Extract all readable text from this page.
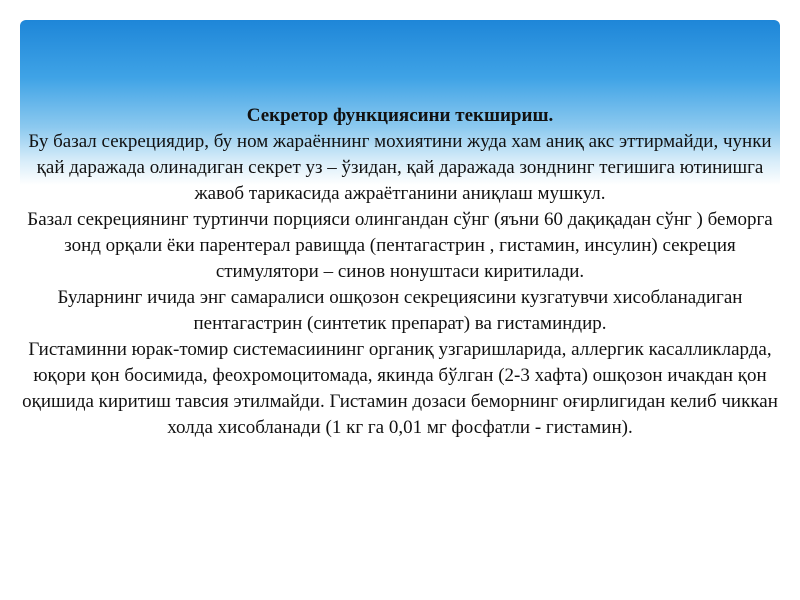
Секретор функциясини текшириш.

Бу базал секрециядир, бу ном жараённинг мохиятини жуда хам аниқ акс эттирмайди, чунки қай даражада олинадиган секрет уз – ўзидан, қай даражада зонднинг тегишига ютинишга жавоб тарикасида ажраётганини аниқлаш мушкул.

Базал секрециянинг туртинчи порцияси олингандан сўнг (яъни 60 дақиқадан сўнг ) беморга зонд орқали ёки парентерал равищда (пентагастрин , гистамин, инсулин) секреция стимулятори – синов нонуштаси киритилади.

Буларнинг ичида энг самаралиси ошқозон секрециясини кузгатувчи хисобланадиган пентагастрин (синтетик препарат) ва гистаминдир.

Гистаминни юрак-томир системасиининг органиқ узгаришларида, аллергик касалликларда, юқори қон босимида, феохромоцитомада, якинда бўлган (2-3 хафта) ошқозон ичакдан қон оқишида киритиш тавсия этилмайди. Гистамин дозаси беморнинг оғирлигидан келиб чиккан холда хисобланади (1 кг га 0,01 мг фосфатли - гистамин).
